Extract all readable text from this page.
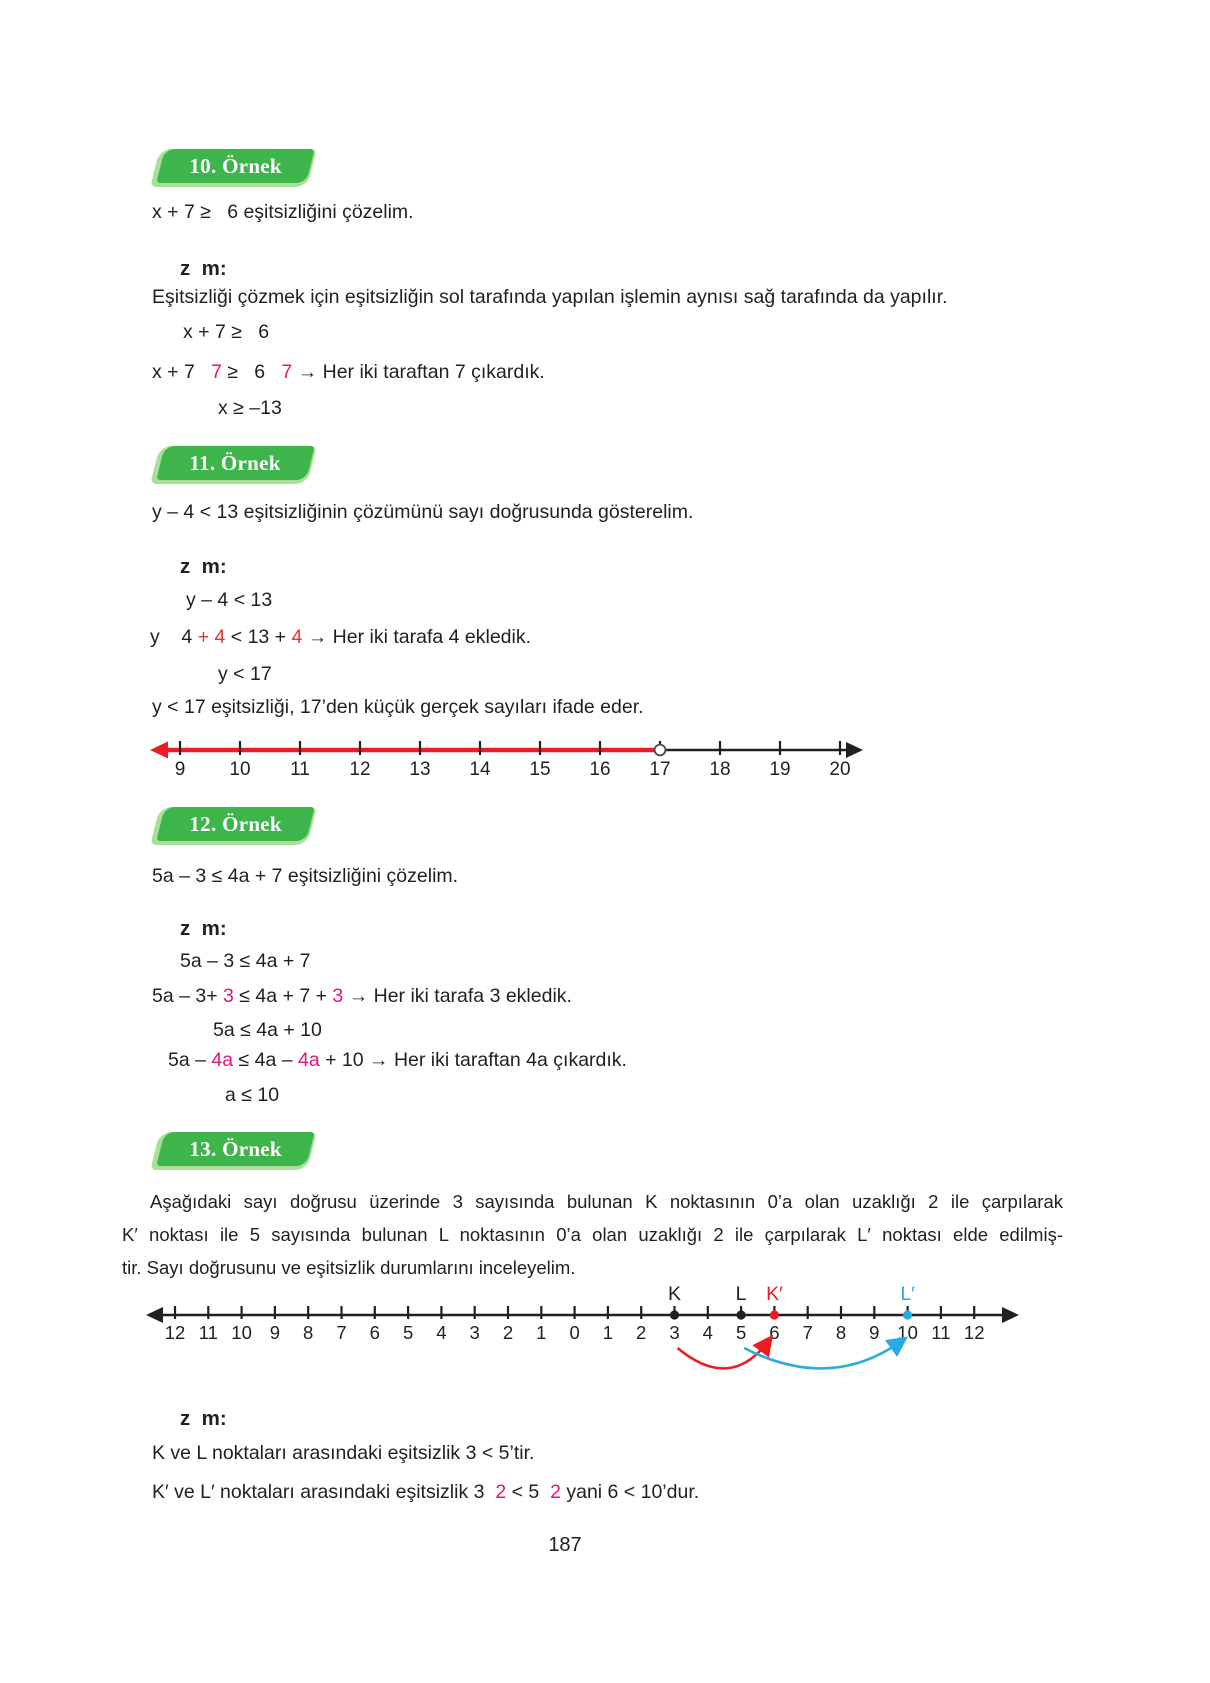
10. Örnek
x + 7 ≥   6 eşitsizliğini çözelim.
z  m:
Eşitsizliği çözmek için eşitsizliğin sol tarafında yapılan işlemin aynısı sağ tarafında da yapılır.
x + 7 ≥   6
x + 7   7 ≥   6   7 → Her iki taraftan 7 çıkardık.
x ≥ –13
11. Örnek
y – 4 < 13 eşitsizliğinin çözümünü sayı doğrusunda gösterelim.
z  m:
y – 4 < 13
y    4 + 4 < 13 + 4 → Her iki tarafa 4 ekledik.
y < 17
y < 17 eşitsizliği, 17’den küçük gerçek sayıları ifade eder.
9 10 11 12 13 14 15 16 17 18 19 20
12. Örnek
5a – 3 ≤ 4a + 7 eşitsizliğini çözelim.
z  m:
5a – 3 ≤ 4a + 7
5a – 3+ 3 ≤ 4a + 7 + 3 → Her iki tarafa 3 ekledik.
5a ≤ 4a + 10
5a – 4a ≤ 4a – 4a + 10 → Her iki taraftan 4a çıkardık.
a ≤ 10
13. Örnek
Aşağıdaki sayı doğrusu üzerinde 3 sayısında bulunan K noktasının 0’a olan uzaklığı 2 ile çarpılarak
K′ noktası ile 5 sayısında bulunan L noktasının 0’a olan uzaklığı 2 ile çarpılarak L′ noktası elde edilmiş-
tir. Sayı doğrusunu ve eşitsizlik durumlarını inceleyelim.
12 11 10 9 8 7 6 5 4 3 2 1 0 1 2 3 4 5 6 7 8 9 10 11 12
K	L K′	L′
z  m:
K ve L noktaları arasındaki eşitsizlik 3 < 5’tir.
K′ ve L′ noktaları arasındaki eşitsizlik 3  2 < 5  2 yani 6 < 10’dur.
187
